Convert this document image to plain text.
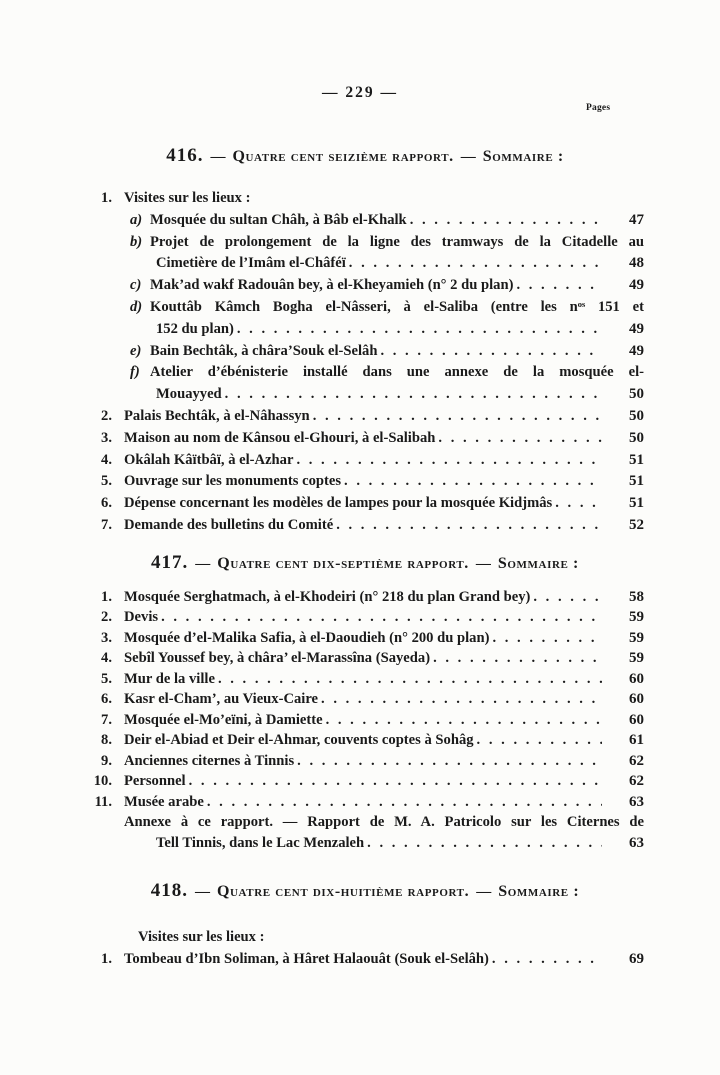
— 229 —
Pages
416. — Quatre cent seizième rapport. — Sommaire :
1. Visites sur les lieux :
a) Mosquée du sultan Châh, à Bâb el-Khalk . . .	47
b) Projet de prolongement de la ligne des tramways de la Citadelle au
Cimetière de l’Imâm el-Châféï . . .	48
c) Mak’ad wakf Radouân bey, à el-Kheyamieh (n° 2 du plan) . . .	49
d) Kouttâb Kâmch Bogha el-Nâsseri, à el-Saliba (entre les nᵒˢ 151 et
152 du plan) . . .	49
e) Bain Bechtâk, à châra’Souk el-Selâh . . .	49
f) Atelier d’ébénisterie installé dans une annexe de la mosquée el-
Mouayyed . . .	50
2. Palais Bechtâk, à el-Nâhassyn . . .	50
3. Maison au nom de Kânsou el-Ghouri, à el-Salibah . . .	50
4. Okâlah Kâïtbâï, à el-Azhar . . .	51
5. Ouvrage sur les monuments coptes . . .	51
6. Dépense concernant les modèles de lampes pour la mosquée Kidjmâs . . .	51
7. Demande des bulletins du Comité . . .	52
417. — Quatre cent dix-septième rapport. — Sommaire :
1. Mosquée Serghatmach, à el-Khodeiri (n° 218 du plan Grand bey) . . .	58
2. Devis . . .	59
3. Mosquée d’el-Malika Safia, à el-Daoudieh (n° 200 du plan) . . .	59
4. Sebîl Youssef bey, à châra’ el-Marassîna (Sayeda) . . .	59
5. Mur de la ville . . .	60
6. Kasr el-Cham’, au Vieux-Caire . . .	60
7. Mosquée el-Mo’eïni, à Damiette . . .	60
8. Deir el-Abiad et Deir el-Ahmar, couvents coptes à Sohâg . . .	61
9. Anciennes citernes à Tinnis . . .	62
10. Personnel . . .	62
11. Musée arabe . . .	63
Annexe à ce rapport. — Rapport de M. A. Patricolo sur les Citernes de
Tell Tinnis, dans le Lac Menzaleh . . .	63
418. — Quatre cent dix-huitième rapport. — Sommaire :
Visites sur les lieux :
1. Tombeau d’Ibn Soliman, à Hâret Halaouât (Souk el-Selâh) . . .	69
